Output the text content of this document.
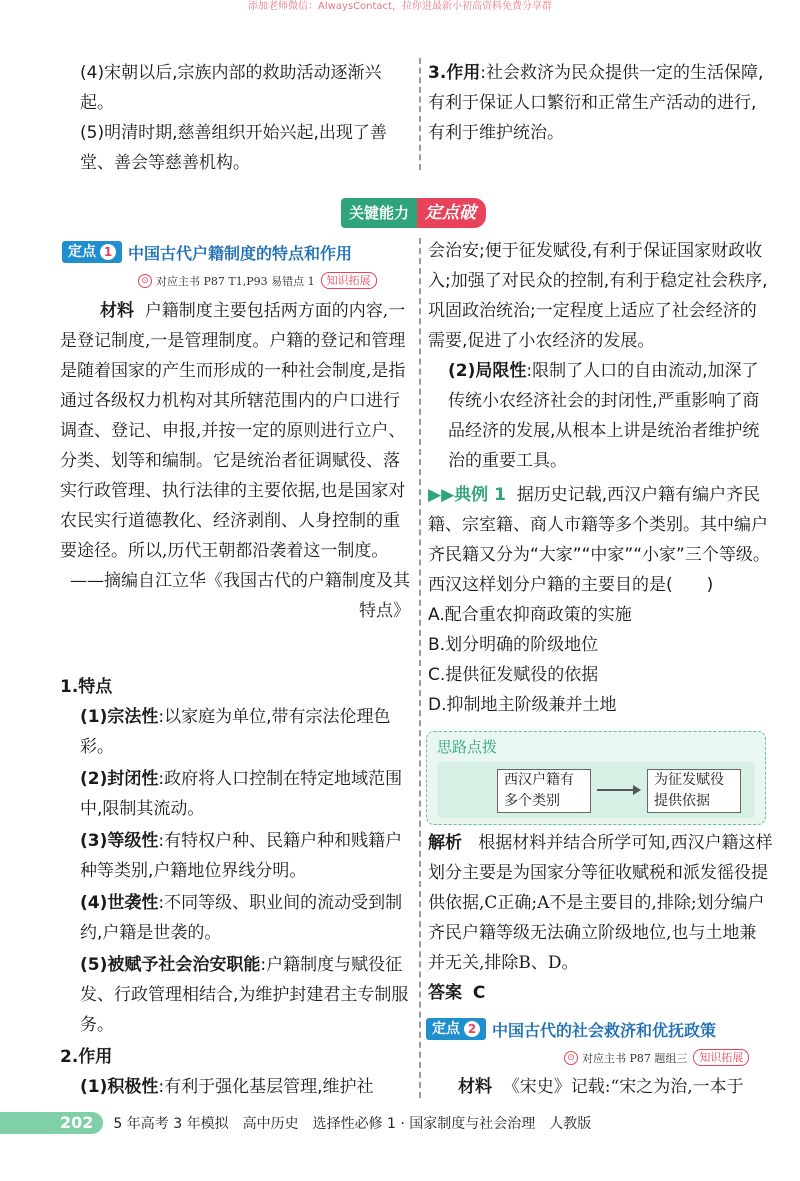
添加老师微信：AlwaysContact，拉你进最新小初高资料免费分享群

(4)宋朝以后,宗族内部的救助活动逐渐兴起。

(5)明清时期,慈善组织开始兴起,出现了善堂、善会等慈善机构。

3.作用:社会救济为民众提供一定的生活保障,有利于保证人口繁衍和正常生产活动的进行,有利于维护统治。

关键能力 定点破
定点 1 中国古代户籍制度的特点和作用
⊙ 对应主书 P87 T1,P93 易错点 1	知识拓展

材料 户籍制度主要包括两方面的内容,一是登记制度,一是管理制度。户籍的登记和管理是随着国家的产生而形成的一种社会制度,是指通过各级权力机构对其所辖范围内的户口进行调查、登记、申报,并按一定的原则进行立户、分类、划等和编制。它是统治者征调赋役、落实行政管理、执行法律的主要依据,也是国家对农民实行道德教化、经济剥削、人身控制的重要途径。所以,历代王朝都沿袭着这一制度。

——摘编自江立华《我国古代的户籍制度及其特点》

1.特点

(1)宗法性:以家庭为单位,带有宗法伦理色彩。

(2)封闭性:政府将人口控制在特定地域范围中,限制其流动。

(3)等级性:有特权户种、民籍户种和贱籍户种等类别,户籍地位界线分明。

(4)世袭性:不同等级、职业间的流动受到制约,户籍是世袭的。

(5)被赋予社会治安职能:户籍制度与赋役征发、行政管理相结合,为维护封建君主专制服务。

2.作用

(1)积极性:有利于强化基层管理,维护社

会治安;便于征发赋役,有利于保证国家财政收入;加强了对民众的控制,有利于稳定社会秩序,巩固政治统治;一定程度上适应了社会经济的需要,促进了小农经济的发展。

(2)局限性:限制了人口的自由流动,加深了传统小农经济社会的封闭性,严重影响了商品经济的发展,从根本上讲是统治者维护统治的重要工具。

▶▶典例 1 据历史记载,西汉户籍有编户齐民籍、宗室籍、商人市籍等多个类别。其中编户齐民籍又分为“大家”“中家”“小家”三个等级。西汉这样划分户籍的主要目的是(　　)

A.配合重农抑商政策的实施

B.划分明确的阶级地位

C.提供征发赋役的依据

D.抑制地主阶级兼并土地

思路点拨
西汉户籍有多个类别
为征发赋役提供依据

解析 根据材料并结合所学可知,西汉户籍这样划分主要是为国家分等征收赋税和派发徭役提供依据,C正确;A不是主要目的,排除;划分编户齐民户籍等级无法确立阶级地位,也与土地兼并无关,排除B、D。

答案 C

定点 2 中国古代的社会救济和优抚政策
⊙ 对应主书 P87 题组三	知识拓展

材料 《宋史》记载:“宋之为治,一本于

202	5 年高考 3 年模拟　高中历史　选择性必修 1 · 国家制度与社会治理　人教版
